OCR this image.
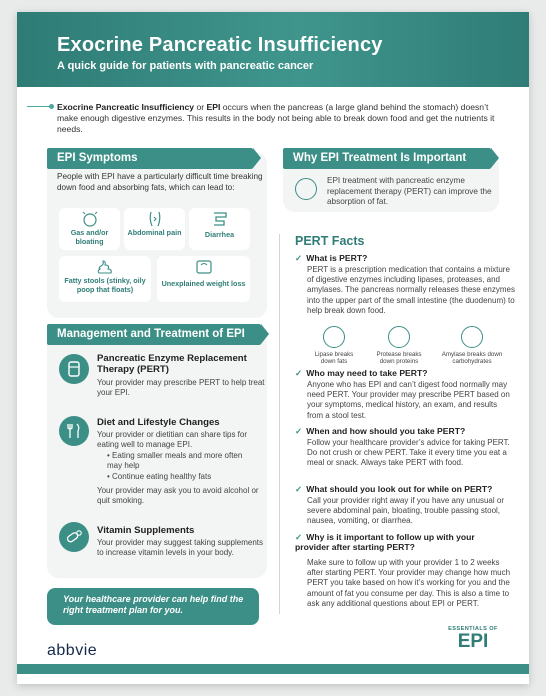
Exocrine Pancreatic Insufficiency
A quick guide for patients with pancreatic cancer
Exocrine Pancreatic Insufficiency or EPI occurs when the pancreas (a large gland behind the stomach) doesn’t make enough digestive enzymes. This results in the body not being able to break down food and get the nutrients it needs.
EPI Symptoms
People with EPI have a particularly difficult time breaking down food and absorbing fats, which can lead to:
Gas and/or bloating
Abdominal pain	Diarrhea
Fatty stools (stinky, oily poop that floats)
Unexplained weight loss
Why EPI Treatment Is Important
EPI treatment with pancreatic enzyme replacement therapy (PERT) can improve the absorption of fat.
PERT Facts
✓ What is PERT?
PERT is a prescription medication that contains a mixture of digestive enzymes including lipases, proteases, and amylases. The pancreas normally releases these enzymes into the upper part of the small intestine (the duodenum) to help break down food.
Lipase breaks down fats
Protease breaks down proteins
Amylase breaks down carbohydrates
✓ Who may need to take PERT?
Anyone who has EPI and can’t digest food normally may need PERT. Your provider may prescribe PERT based on your symptoms, medical history, an exam, and results from a stool test.
✓ When and how should you take PERT?
Follow your healthcare provider’s advice for taking PERT. Do not crush or chew PERT. Take it every time you eat a meal or snack. Always take PERT with food.
✓ What should you look out for while on PERT?
Call your provider right away if you have any unusual or severe abdominal pain, bloating, trouble passing stool, nausea, vomiting, or diarrhea.
✓ Why is it important to follow up with your provider after starting PERT?
Make sure to follow up with your provider 1 to 2 weeks after starting PERT. Your provider may change how much PERT you take based on how it’s working for you and the amount of fat you consume per day. This is also a time to ask any additional questions about EPI or PERT.
Management and Treatment of EPI
Pancreatic Enzyme Replacement Therapy (PERT)
Your provider may prescribe PERT to help treat your EPI.
Diet and Lifestyle Changes
Your provider or dietitian can share tips for eating well to manage EPI.
• Eating smaller meals and more often may help
• Continue eating healthy fats
Your provider may ask you to avoid alcohol or quit smoking.
Vitamin Supplements
Your provider may suggest taking supplements to increase vitamin levels in your body.
Your healthcare provider can help find the right treatment plan for you.
abbvie
ESSENTIALS OF
EPI
